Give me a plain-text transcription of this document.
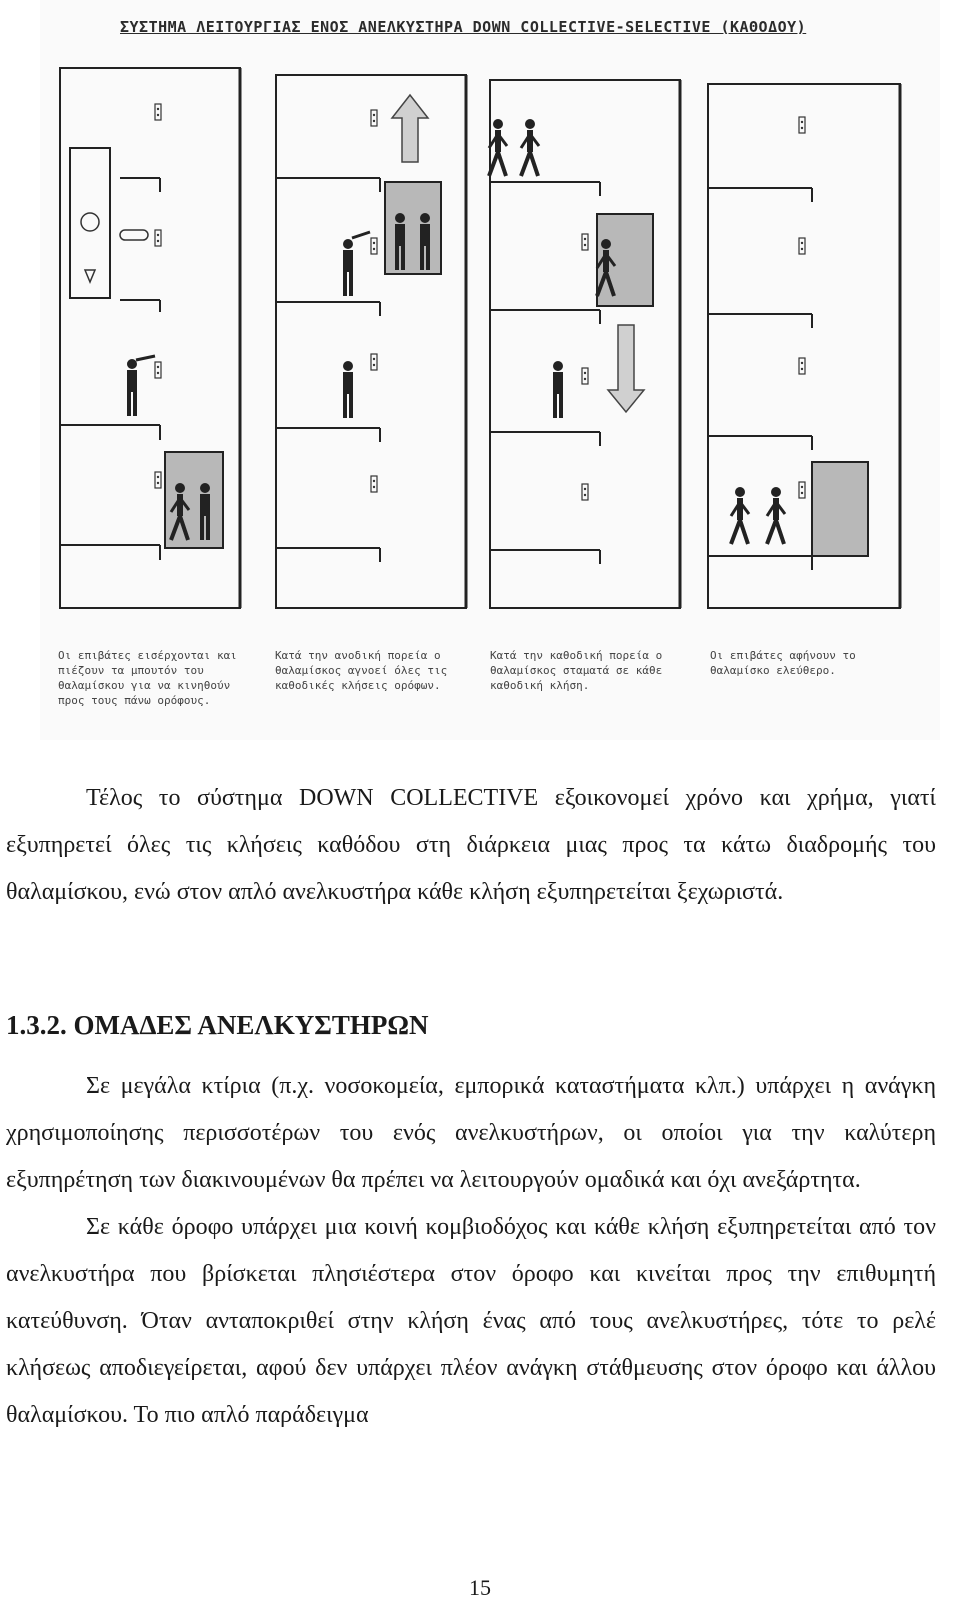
ΣΥΣΤΗΜΑ ΛΕΙΤΟΥΡΓΙΑΣ ΕΝΟΣ ΑΝΕΛΚΥΣΤΗΡΑ DOWN COLLECTIVE-SELECTIVE (ΚΑΘΟΔΟΥ)
Οι επιβάτες εισέρχονται και πιέζουν τα μπουτόν του θαλαμίσκου για να κινηθούν προς τους πάνω ορόφους.
Κατά την ανοδική πορεία ο θαλαμίσκος αγνοεί όλες τις καθοδικές κλήσεις ορόφων.
Κατά την καθοδική πορεία ο θαλαμίσκος σταματά σε κάθε καθοδική κλήση.
Οι επιβάτες αφήνουν το θαλαμίσκο ελεύθερο.

Τέλος το σύστημα DOWN COLLECTIVE εξοικονομεί χρόνο και χρήμα, γιατί εξυπηρετεί όλες τις κλήσεις καθόδου στη διάρκεια μιας προς τα κάτω διαδρομής του θαλαμίσκου, ενώ στον απλό ανελκυστήρα κάθε κλήση εξυπηρετείται ξεχωριστά.

1.3.2. ΟΜΑΔΕΣ ΑΝΕΛΚΥΣΤΗΡΩΝ

Σε μεγάλα κτίρια (π.χ. νοσοκομεία, εμπορικά καταστήματα κλπ.) υπάρχει η ανάγκη χρησιμοποίησης περισσοτέρων του ενός ανελκυστήρων, οι οποίοι για την καλύτερη εξυπηρέτηση των διακινουμένων θα πρέπει να λειτουργούν ομαδικά και όχι ανεξάρτητα.

Σε κάθε όροφο υπάρχει μια κοινή κομβιοδόχος και κάθε κλήση εξυπηρετείται από τον ανελκυστήρα που βρίσκεται πλησιέστερα στον όροφο και κινείται προς την επιθυμητή κατεύθυνση. Όταν ανταποκριθεί στην κλήση ένας από τους ανελκυστήρες, τότε το ρελέ κλήσεως αποδιεγείρεται, αφού δεν υπάρχει πλέον ανάγκη στάθμευσης στον όροφο και άλλου θαλαμίσκου. Το πιο απλό παράδειγμα

15
